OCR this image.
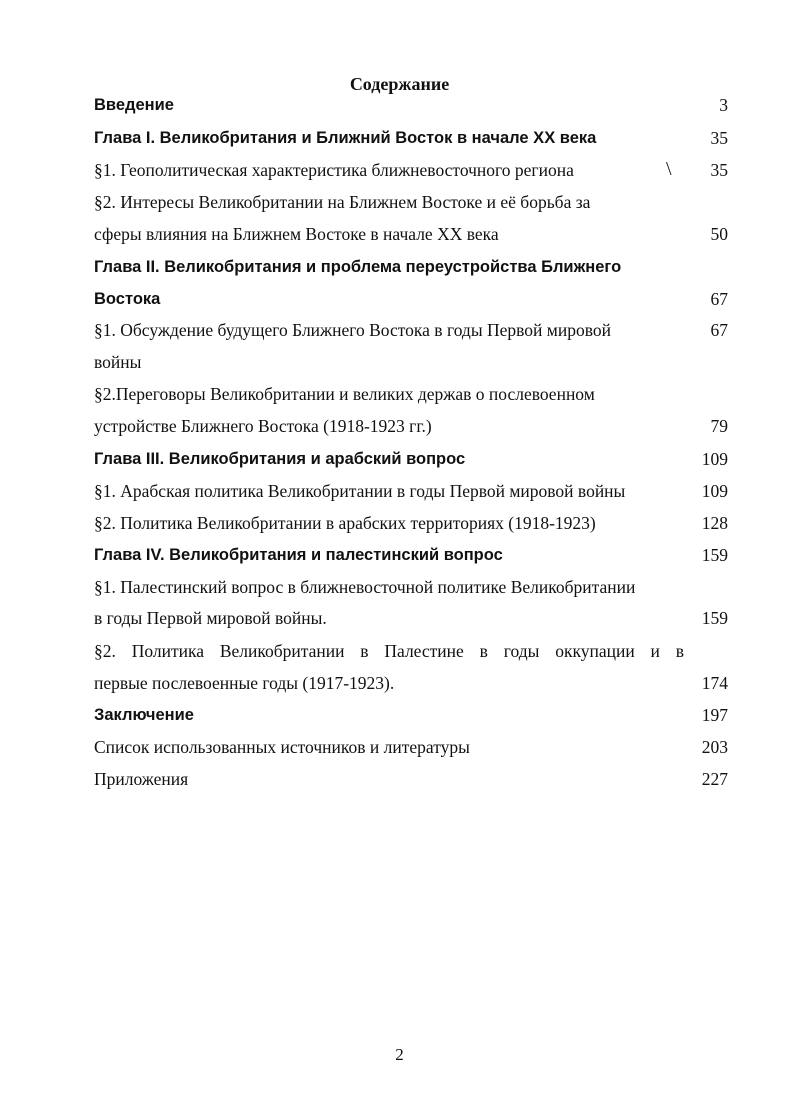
Содержание
Введение	3
Глава I. Великобритания и Ближний Восток в начале XX века	35
§1. Геополитическая характеристика ближневосточного региона	35
\
§2. Интересы Великобритании на Ближнем Востоке и её борьба за
сферы влияния на Ближнем Востоке в начале XX века	50
Глава II. Великобритания и проблема переустройства Ближнего
Востока	67
§1. Обсуждение будущего Ближнего Востока в годы Первой мировой	67
войны
§2.Переговоры Великобритании и великих держав о послевоенном
устройстве Ближнего Востока (1918-1923 гг.)	79
Глава III. Великобритания и арабский вопрос	109
§1. Арабская политика Великобритании в годы Первой мировой войны	109
§2. Политика Великобритании в арабских территориях (1918-1923)	128
Глава IV. Великобритания и палестинский вопрос	159
§1. Палестинский вопрос в ближневосточной политике Великобритании
в годы Первой мировой войны.	159
§2. Политика Великобритании в Палестине в годы оккупации и в
первые послевоенные годы (1917-1923).	174
Заключение	197
Список использованных источников и литературы	203
Приложения	227
2
